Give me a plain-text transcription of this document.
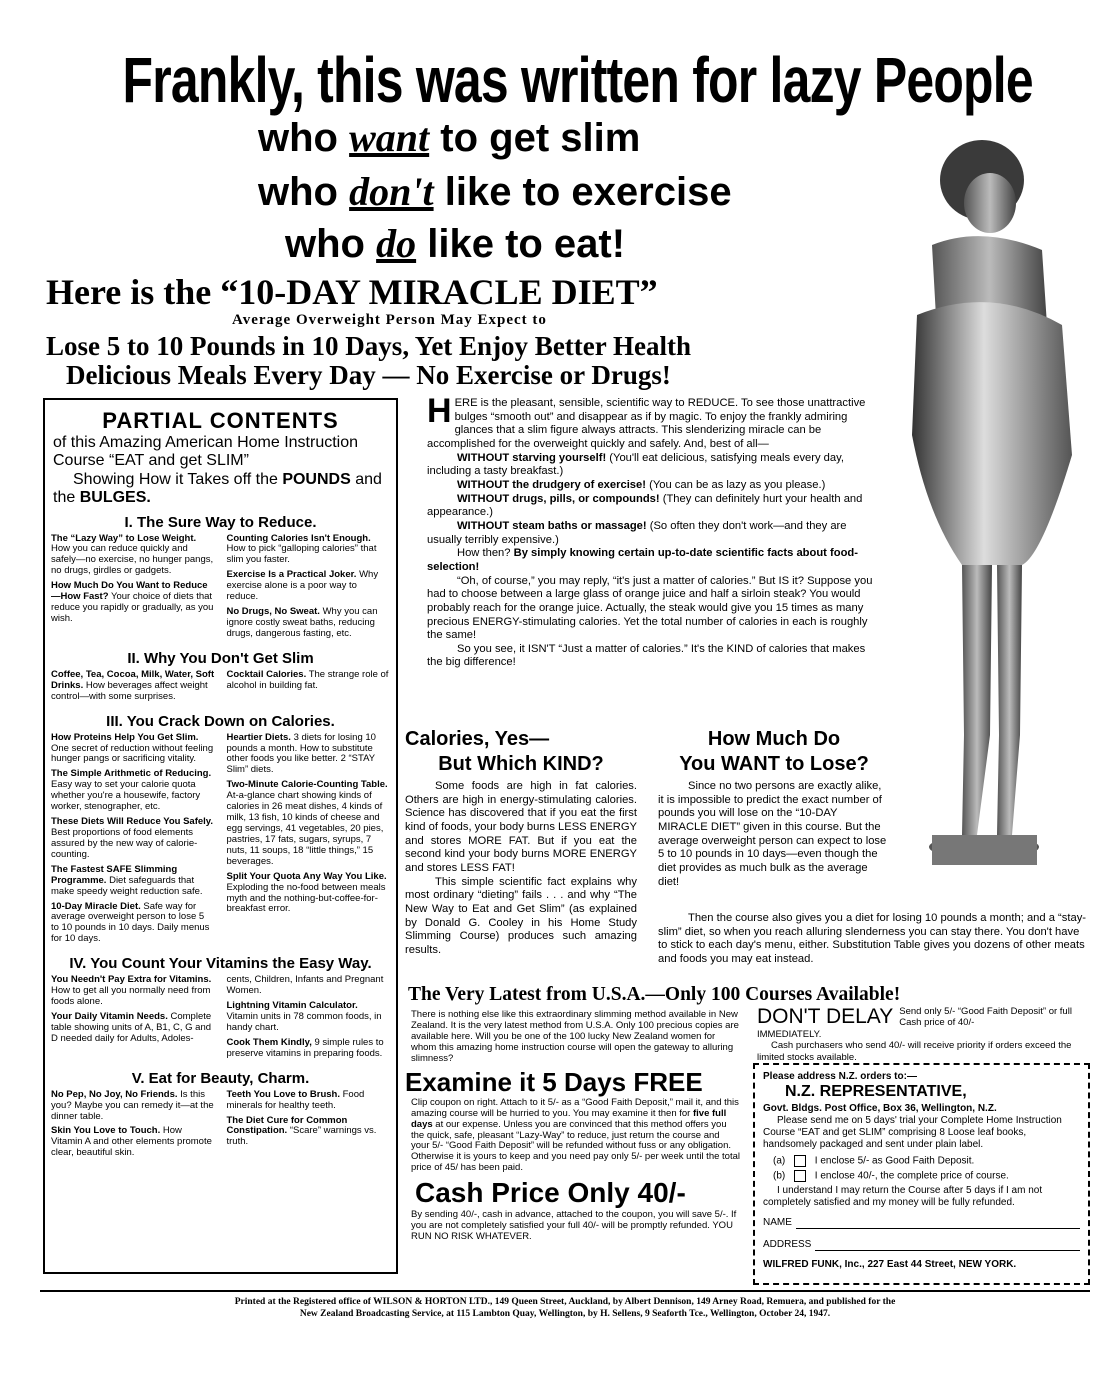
Frankly, this was written for lazy People
who want to get slim
who don't like to exercise
who do like to eat!
Here is the “10-DAY MIRACLE DIET”
Average Overweight Person May Expect to
Lose 5 to 10 Pounds in 10 Days, Yet Enjoy Better Health
Delicious Meals Every Day — No Exercise or Drugs!
PARTIAL CONTENTS
of this Amazing American Home Instruction Course “EAT and get SLIM”
Showing How it Takes off the POUNDS and the BULGES.
I. The Sure Way to Reduce.
The “Lazy Way” to Lose Weight. How you can reduce quickly and safely—no exercise, no hunger pangs, no drugs, girdles or gadgets.
How Much Do You Want to Reduce—How Fast? Your choice of diets that reduce you rapidly or gradually, as you wish.
Counting Calories Isn't Enough. How to pick “galloping calories” that slim you faster.
Exercise Is a Practical Joker. Why exercise alone is a poor way to reduce.
No Drugs, No Sweat. Why you can ignore costly sweat baths, reducing drugs, dangerous fasting, etc.
II. Why You Don't Get Slim
Coffee, Tea, Cocoa, Milk, Water, Soft Drinks. How beverages affect weight control—with some surprises.
Cocktail Calories. The strange role of alcohol in building fat.
III. You Crack Down on Calories.
How Proteins Help You Get Slim. One secret of reduction without feeling hunger pangs or sacrificing vitality.
The Simple Arithmetic of Reducing. Easy way to set your calorie quota whether you're a housewife, factory worker, stenographer, etc.
These Diets Will Reduce You Safely. Best proportions of food elements assured by the new way of calorie-counting.
The Fastest SAFE Slimming Programme. Diet safeguards that make speedy weight reduction safe.
10-Day Miracle Diet. Safe way for average overweight person to lose 5 to 10 pounds in 10 days. Daily menus for 10 days.
Heartier Diets. 3 diets for losing 10 pounds a month. How to substitute other foods you like better. 2 “STAY Slim” diets.
Two-Minute Calorie-Counting Table. At-a-glance chart showing kinds of calories in 26 meat dishes, 4 kinds of milk, 13 fish, 10 kinds of cheese and egg servings, 41 vegetables, 20 pies, pastries, 17 fats, sugars, syrups, 7 nuts, 11 soups, 18 “little things,” 15 beverages.
Split Your Quota Any Way You Like. Exploding the no-food between meals myth and the nothing-but-coffee-for-breakfast error.
IV. You Count Your Vitamins the Easy Way.
You Needn't Pay Extra for Vitamins. How to get all you normally need from foods alone.
Your Daily Vitamin Needs. Complete table showing units of A, B1, C, G and D needed daily for Adults, Adoles-
cents, Children, Infants and Pregnant Women.
Lightning Vitamin Calculator. Vitamin units in 78 common foods, in handy chart.
Cook Them Kindly, 9 simple rules to preserve vitamins in preparing foods.
V. Eat for Beauty, Charm.
No Pep, No Joy, No Friends. Is this you? Maybe you can remedy it—at the dinner table.
Skin You Love to Touch. How Vitamin A and other elements promote clear, beautiful skin.
Teeth You Love to Brush. Food minerals for healthy teeth.
The Diet Cure for Common Constipation. “Scare” warnings vs. truth.

HERE is the pleasant, sensible, scientific way to REDUCE. To see those unattractive bulges “smooth out” and disappear as if by magic. To enjoy the frankly admiring glances that a slim figure always attracts. This slenderizing miracle can be accomplished for the overweight quickly and safely. And, best of all—

WITHOUT starving yourself! (You'll eat delicious, satisfying meals every day, including a tasty breakfast.)

WITHOUT the drudgery of exercise! (You can be as lazy as you please.)

WITHOUT drugs, pills, or compounds! (They can definitely hurt your health and appearance.)

WITHOUT steam baths or massage! (So often they don't work—and they are usually terribly expensive.)

How then? By simply knowing certain up-to-date scientific facts about food-selection!

“Oh, of course,” you may reply, “it's just a matter of calories.” But IS it? Suppose you had to choose between a large glass of orange juice and half a sirloin steak? You would probably reach for the orange juice. Actually, the steak would give you 15 times as many precious ENERGY-stimulating calories. Yet the total number of calories in each is roughly the same!

So you see, it ISN'T “Just a matter of calories.” It's the KIND of calories that makes the big difference!

Calories, Yes—
But Which KIND?

Some foods are high in fat calories. Others are high in energy-stimulating calories. Science has discovered that if you eat the first kind of foods, your body burns LESS ENERGY and stores MORE FAT. But if you eat the second kind your body burns MORE ENERGY and stores LESS FAT!

This simple scientific fact explains why most ordinary “dieting” fails . . . and why “The New Way to Eat and Get Slim” (as explained by Donald G. Cooley in his Home Study Slimming Course) produces such amazing results.

How Much Do
You WANT to Lose?

Since no two persons are exactly alike, it is impossible to predict the exact number of pounds you will lose on the “10-DAY MIRACLE DIET” given in this course. But the average overweight person can expect to lose 5 to 10 pounds in 10 days—even though the diet provides as much bulk as the average diet!

Then the course also gives you a diet for losing 10 pounds a month; and a “stay-slim” diet, so when you reach alluring slenderness you can stay there. You don't have to stick to each day's menu, either. Substitution Table gives you dozens of other meats and foods you may eat instead.

The Very Latest from U.S.A.—Only 100 Courses Available!
There is nothing else like this extraordinary slimming method available in New Zealand. It is the very latest method from U.S.A. Only 100 precious copies are available here. Will you be one of the 100 lucky New Zealand women for whom this amazing home instruction course will open the gateway to alluring slimness?
Examine it 5 Days FREE
Clip coupon on right. Attach to it 5/- as a “Good Faith Deposit,” mail it, and this amazing course will be hurried to you. You may examine it then for five full days at our expense. Unless you are convinced that this method offers you the quick, safe, pleasant “Lazy-Way” to reduce, just return the course and your 5/- “Good Faith Deposit” will be refunded without fuss or any obligation. Otherwise it is yours to keep and you need pay only 5/- per week until the total price of 45/ has been paid.
Cash Price Only 40/-
By sending 40/-, cash in advance, attached to the coupon, you will save 5/-. If you are not completely satisfied your full 40/- will be promptly refunded. YOU RUN NO RISK WHATEVER.
DON'T DELAY Send only 5/- “Good Faith Deposit” or full Cash price of 40/-
IMMEDIATELY.
Cash purchasers who send 40/- will receive priority if orders exceed the limited stocks available.
Please address N.Z. orders to:—
N.Z. REPRESENTATIVE,
Govt. Bldgs. Post Office, Box 36, Wellington, N.Z.
Please send me on 5 days' trial your Complete Home Instruction Course “EAT and get SLIM” comprising 8 Loose leaf books, handsomely packaged and sent under plain label.
(a)	I enclose 5/- as Good Faith Deposit.
(b)	I enclose 40/-, the complete price of course.
I understand I may return the Course after 5 days if I am not completely satisfied and my money will be fully refunded.
NAME
ADDRESS
WILFRED FUNK, Inc., 227 East 44 Street, NEW YORK.
Printed at the Registered office of WILSON & HORTON LTD., 149 Queen Street, Auckland, by Albert Dennison, 149 Arney Road, Remuera, and published for the
New Zealand Broadcasting Service, at 115 Lambton Quay, Wellington, by H. Sellens, 9 Seaforth Tce., Wellington, October 24, 1947.
